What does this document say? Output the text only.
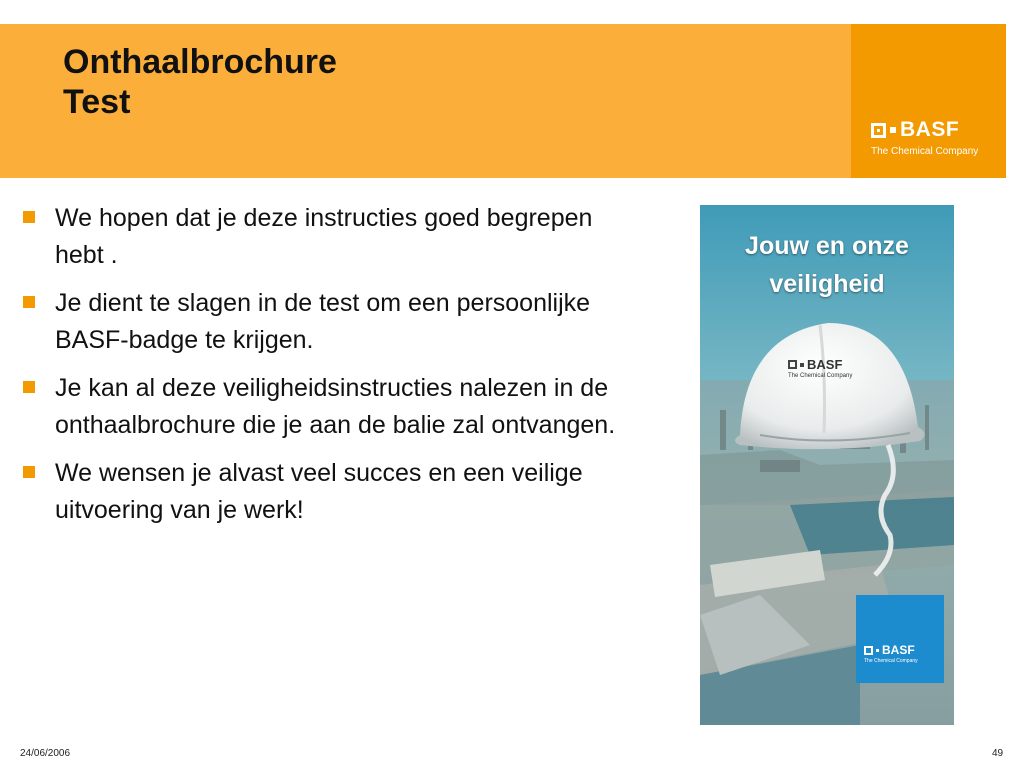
Onthaalbrochure
Test
BASF
The Chemical Company
We hopen dat je deze instructies goed begrepen hebt .
Je dient te slagen in de test om een persoonlijke BASF-badge te krijgen.
Je kan al deze veiligheidsinstructies nalezen in de onthaalbrochure die je aan de balie zal ontvangen.
We wensen je alvast veel succes en een veilige uitvoering van je werk!
Jouw en onze
veiligheid
BASF
The Chemical Company
BASF
The Chemical Company
24/06/2006	49
